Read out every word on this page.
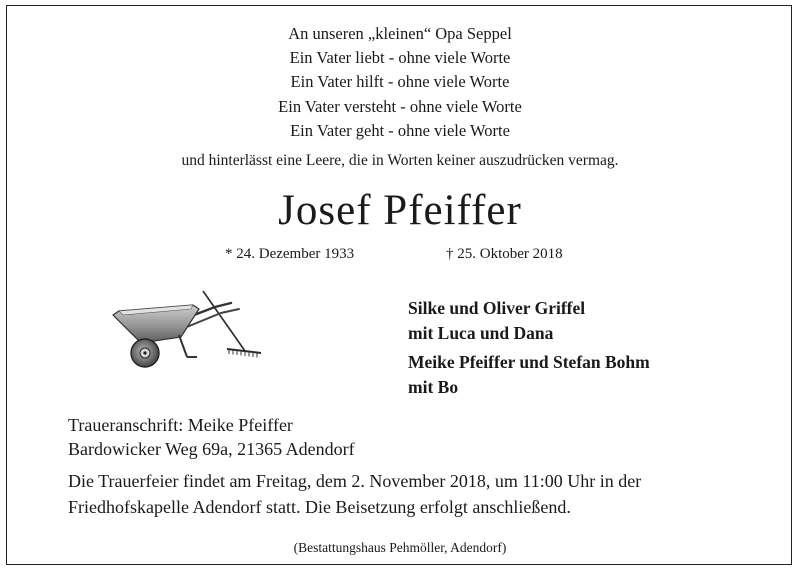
An unseren „kleinen“ Opa Seppel
Ein Vater liebt - ohne viele Worte
Ein Vater hilft - ohne viele Worte
Ein Vater versteht - ohne viele Worte
Ein Vater geht - ohne viele Worte
und hinterlässt eine Leere, die in Worten keiner auszudrücken vermag.
Josef Pfeiffer
* 24. Dezember 1933	† 25. Oktober 2018
Silke und Oliver Griffel
mit Luca und Dana
Meike Pfeiffer und Stefan Bohm
mit Bo
Traueranschrift: Meike Pfeiffer
Bardowicker Weg 69a, 21365 Adendorf
Die Trauerfeier findet am Freitag, dem 2. November 2018, um 11:00 Uhr in der
Friedhofskapelle Adendorf statt. Die Beisetzung erfolgt anschließend.
(Bestattungshaus Pehmöller, Adendorf)
